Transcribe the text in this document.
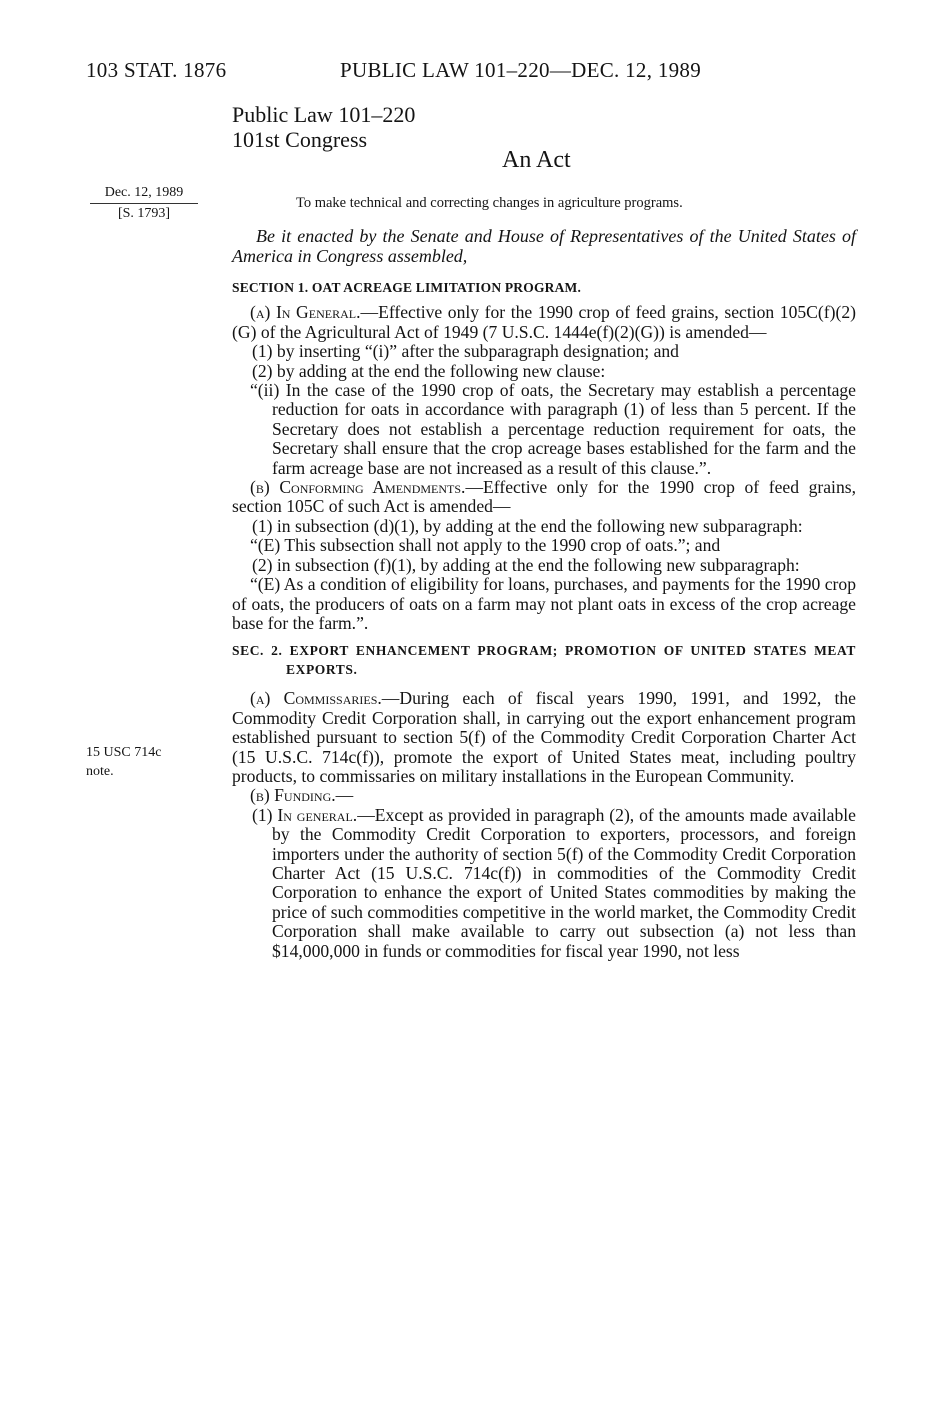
103 STAT. 1876	PUBLIC LAW 101–220—DEC. 12, 1989
Public Law 101–220
101st Congress
An Act
Dec. 12, 1989
[S. 1793]
To make technical and correcting changes in agriculture programs.
15 USC 714c
note.

Be it enacted by the Senate and House of Representatives of the United States of America in Congress assembled,

SECTION 1. OAT ACREAGE LIMITATION PROGRAM.

(a) In General.—Effective only for the 1990 crop of feed grains, section 105C(f)(2)(G) of the Agricultural Act of 1949 (7 U.S.C. 1444e(f)(2)(G)) is amended—

(1) by inserting “(i)” after the subparagraph designation; and

(2) by adding at the end the following new clause:

“(ii) In the case of the 1990 crop of oats, the Secretary may establish a percentage reduction for oats in accordance with paragraph (1) of less than 5 percent. If the Secretary does not establish a percentage reduction requirement for oats, the Secretary shall ensure that the crop acreage bases established for the farm and the farm acreage base are not increased as a result of this clause.”.

(b) Conforming Amendments.—Effective only for the 1990 crop of feed grains, section 105C of such Act is amended—

(1) in subsection (d)(1), by adding at the end the following new subparagraph:

“(E) This subsection shall not apply to the 1990 crop of oats.”; and

(2) in subsection (f)(1), by adding at the end the following new subparagraph:

“(E) As a condition of eligibility for loans, purchases, and payments for the 1990 crop of oats, the producers of oats on a farm may not plant oats in excess of the crop acreage base for the farm.”.

SEC. 2. EXPORT ENHANCEMENT PROGRAM; PROMOTION OF UNITED STATES MEAT EXPORTS.

(a) Commissaries.—During each of fiscal years 1990, 1991, and 1992, the Commodity Credit Corporation shall, in carrying out the export enhancement program established pursuant to section 5(f) of the Commodity Credit Corporation Charter Act (15 U.S.C. 714c(f)), promote the export of United States meat, including poultry products, to commissaries on military installations in the European Community.

(b) Funding.—

(1) In general.—Except as provided in paragraph (2), of the amounts made available by the Commodity Credit Corporation to exporters, processors, and foreign importers under the authority of section 5(f) of the Commodity Credit Corporation Charter Act (15 U.S.C. 714c(f)) in commodities of the Commodity Credit Corporation to enhance the export of United States commodities by making the price of such commodities competitive in the world market, the Commodity Credit Corporation shall make available to carry out subsection (a) not less than $14,000,000 in funds or commodities for fiscal year 1990, not less
